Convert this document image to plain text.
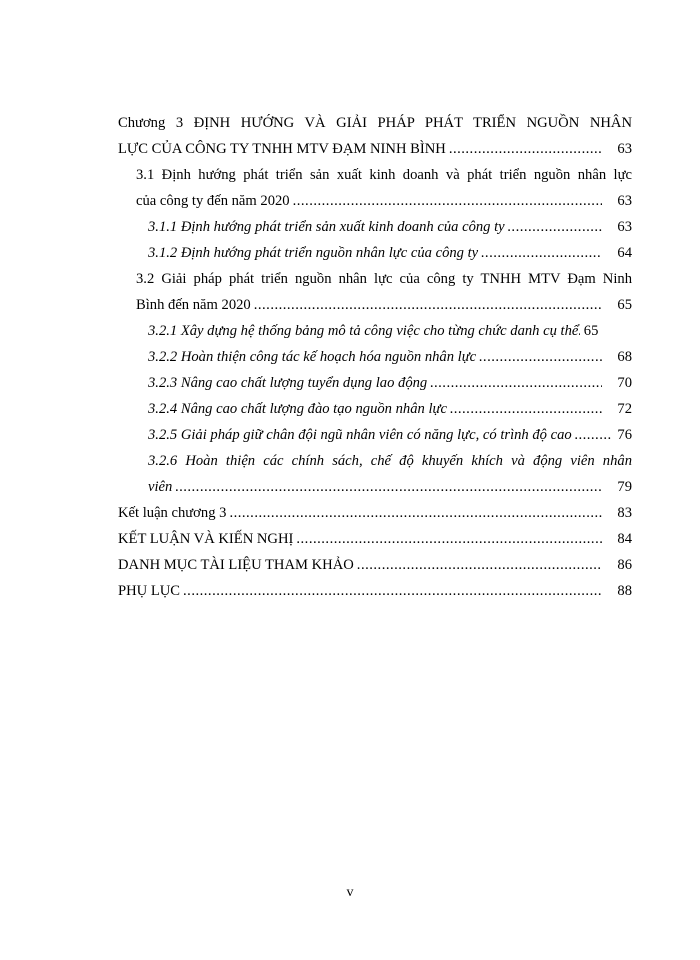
Chương 3 ĐỊNH HƯỚNG VÀ GIẢI PHÁP PHÁT TRIỂN NGUỒN NHÂN
LỰC CỦA CÔNG TY TNHH MTV ĐẠM NINH BÌNH .....	63
3.1 Định hướng phát triển sản xuất kinh doanh và phát triển nguồn nhân lực
của công ty đến năm 2020 .....	63
3.1.1 Định hướng phát triển sản xuất kinh doanh của công ty .....	63
3.1.2 Định hướng phát triển nguồn nhân lực của công ty .....	64
3.2 Giải pháp phát triển nguồn nhân lực của công ty TNHH MTV Đạm Ninh
Bình đến năm 2020 .....	65
3.2.1 Xây dựng hệ thống bảng mô tả công việc cho từng chức danh cụ thể ..... 65
3.2.2 Hoàn thiện công tác kế hoạch hóa nguồn nhân lực .....	68
3.2.3 Nâng cao chất lượng tuyển dụng lao động .....	70
3.2.4 Nâng cao chất lượng đào tạo nguồn nhân lực .....	72
3.2.5 Giải pháp giữ chân đội ngũ nhân viên có năng lực, có trình độ cao .....	76
3.2.6 Hoàn thiện các chính sách, chế độ khuyến khích và động viên nhân
viên .....	79
Kết luận chương 3 .....	83
KẾT LUẬN VÀ KIẾN NGHỊ .....	84
DANH MỤC TÀI LIỆU THAM KHẢO .....	86
PHỤ LỤC .....	88
v
